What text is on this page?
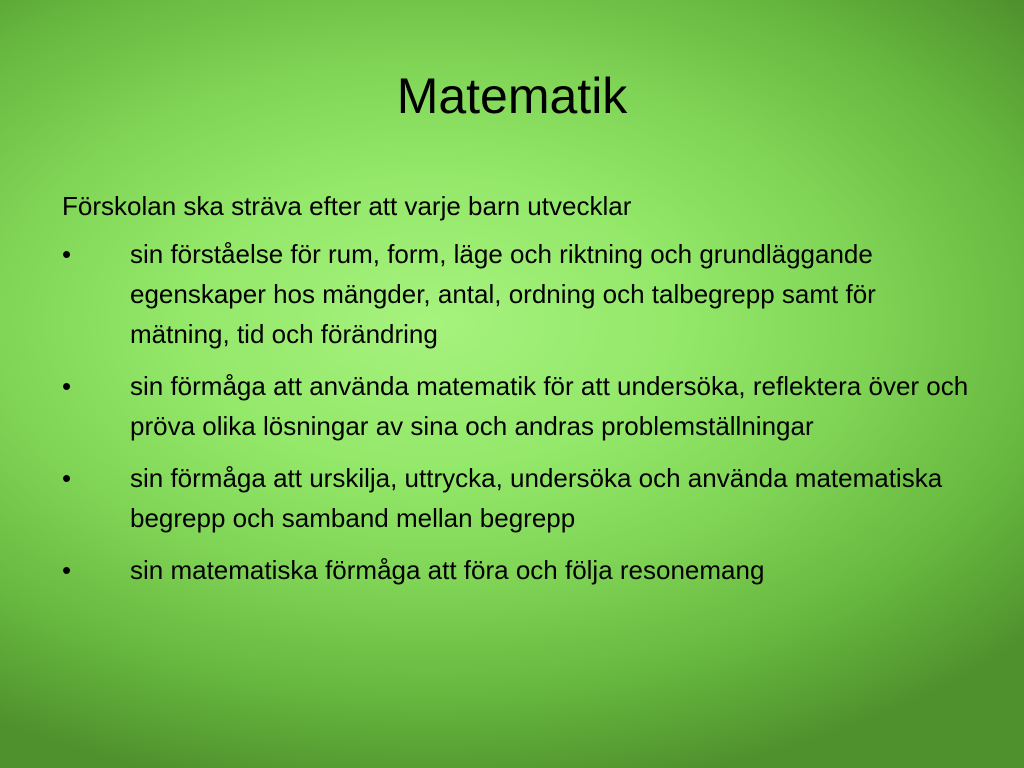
Matematik

Förskolan ska sträva efter att varje barn utvecklar

•	sin förståelse för rum, form, läge och riktning och grundläggande egenskaper hos mängder, antal, ordning och talbegrepp samt för mätning, tid och förändring
•	sin förmåga att använda matematik för att undersöka, reflektera över och pröva olika lösningar av sina och andras problemställningar
•	sin förmåga att urskilja, uttrycka, undersöka och använda matematiska begrepp och samband mellan begrepp
•	sin matematiska förmåga att föra och följa resonemang
